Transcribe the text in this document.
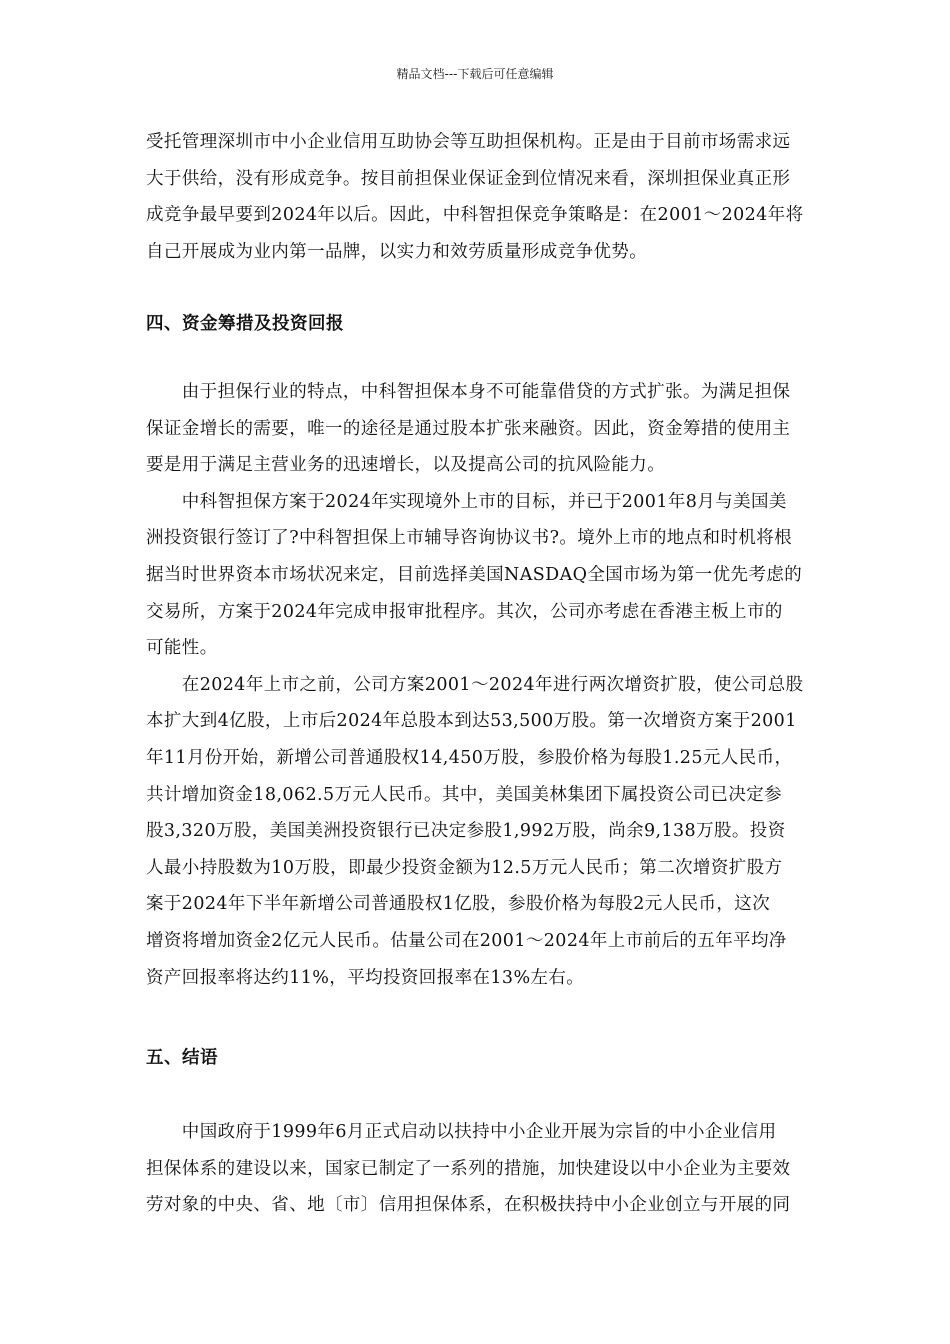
精品文档---下载后可任意编辑

受托管理深圳市中小企业信用互助协会等互助担保机构。正是由于目前市场需求远
大于供给，没有形成竞争。按目前担保业保证金到位情况来看，深圳担保业真正形
成竞争最早要到2024年以后。因此，中科智担保竞争策略是：在2001～2024年将
自己开展成为业内第一品牌，以实力和效劳质量形成竞争优势。

四、资金筹措及投资回报

　　由于担保行业的特点，中科智担保本身不可能靠借贷的方式扩张。为满足担保
保证金增长的需要，唯一的途径是通过股本扩张来融资。因此，资金筹措的使用主
要是用于满足主营业务的迅速增长，以及提高公司的抗风险能力。
　　中科智担保方案于2024年实现境外上市的目标，并已于2001年8月与美国美
洲投资银行签订了?中科智担保上市辅导咨询协议书?。境外上市的地点和时机将根
据当时世界资本市场状况来定，目前选择美国NASDAQ全国市场为第一优先考虑的
交易所，方案于2024年完成申报审批程序。其次，公司亦考虑在香港主板上市的
可能性。
　　在2024年上市之前，公司方案2001～2024年进行两次增资扩股，使公司总股
本扩大到4亿股，上市后2024年总股本到达53,500万股。第一次增资方案于2001
年11月份开始，新增公司普通股权14,450万股，参股价格为每股1.25元人民币，
共计增加资金18,062.5万元人民币。其中，美国美林集团下属投资公司已决定参
股3,320万股，美国美洲投资银行已决定参股1,992万股，尚余9,138万股。投资
人最小持股数为10万股，即最少投资金额为12.5万元人民币；第二次增资扩股方
案于2024年下半年新增公司普通股权1亿股，参股价格为每股2元人民币，这次
增资将增加资金2亿元人民币。估量公司在2001～2024年上市前后的五年平均净
资产回报率将达约11%，平均投资回报率在13%左右。

五、结语

　　中国政府于1999年6月正式启动以扶持中小企业开展为宗旨的中小企业信用
担保体系的建设以来，国家已制定了一系列的措施，加快建设以中小企业为主要效
劳对象的中央、省、地〔市〕信用担保体系，在积极扶持中小企业创立与开展的同
